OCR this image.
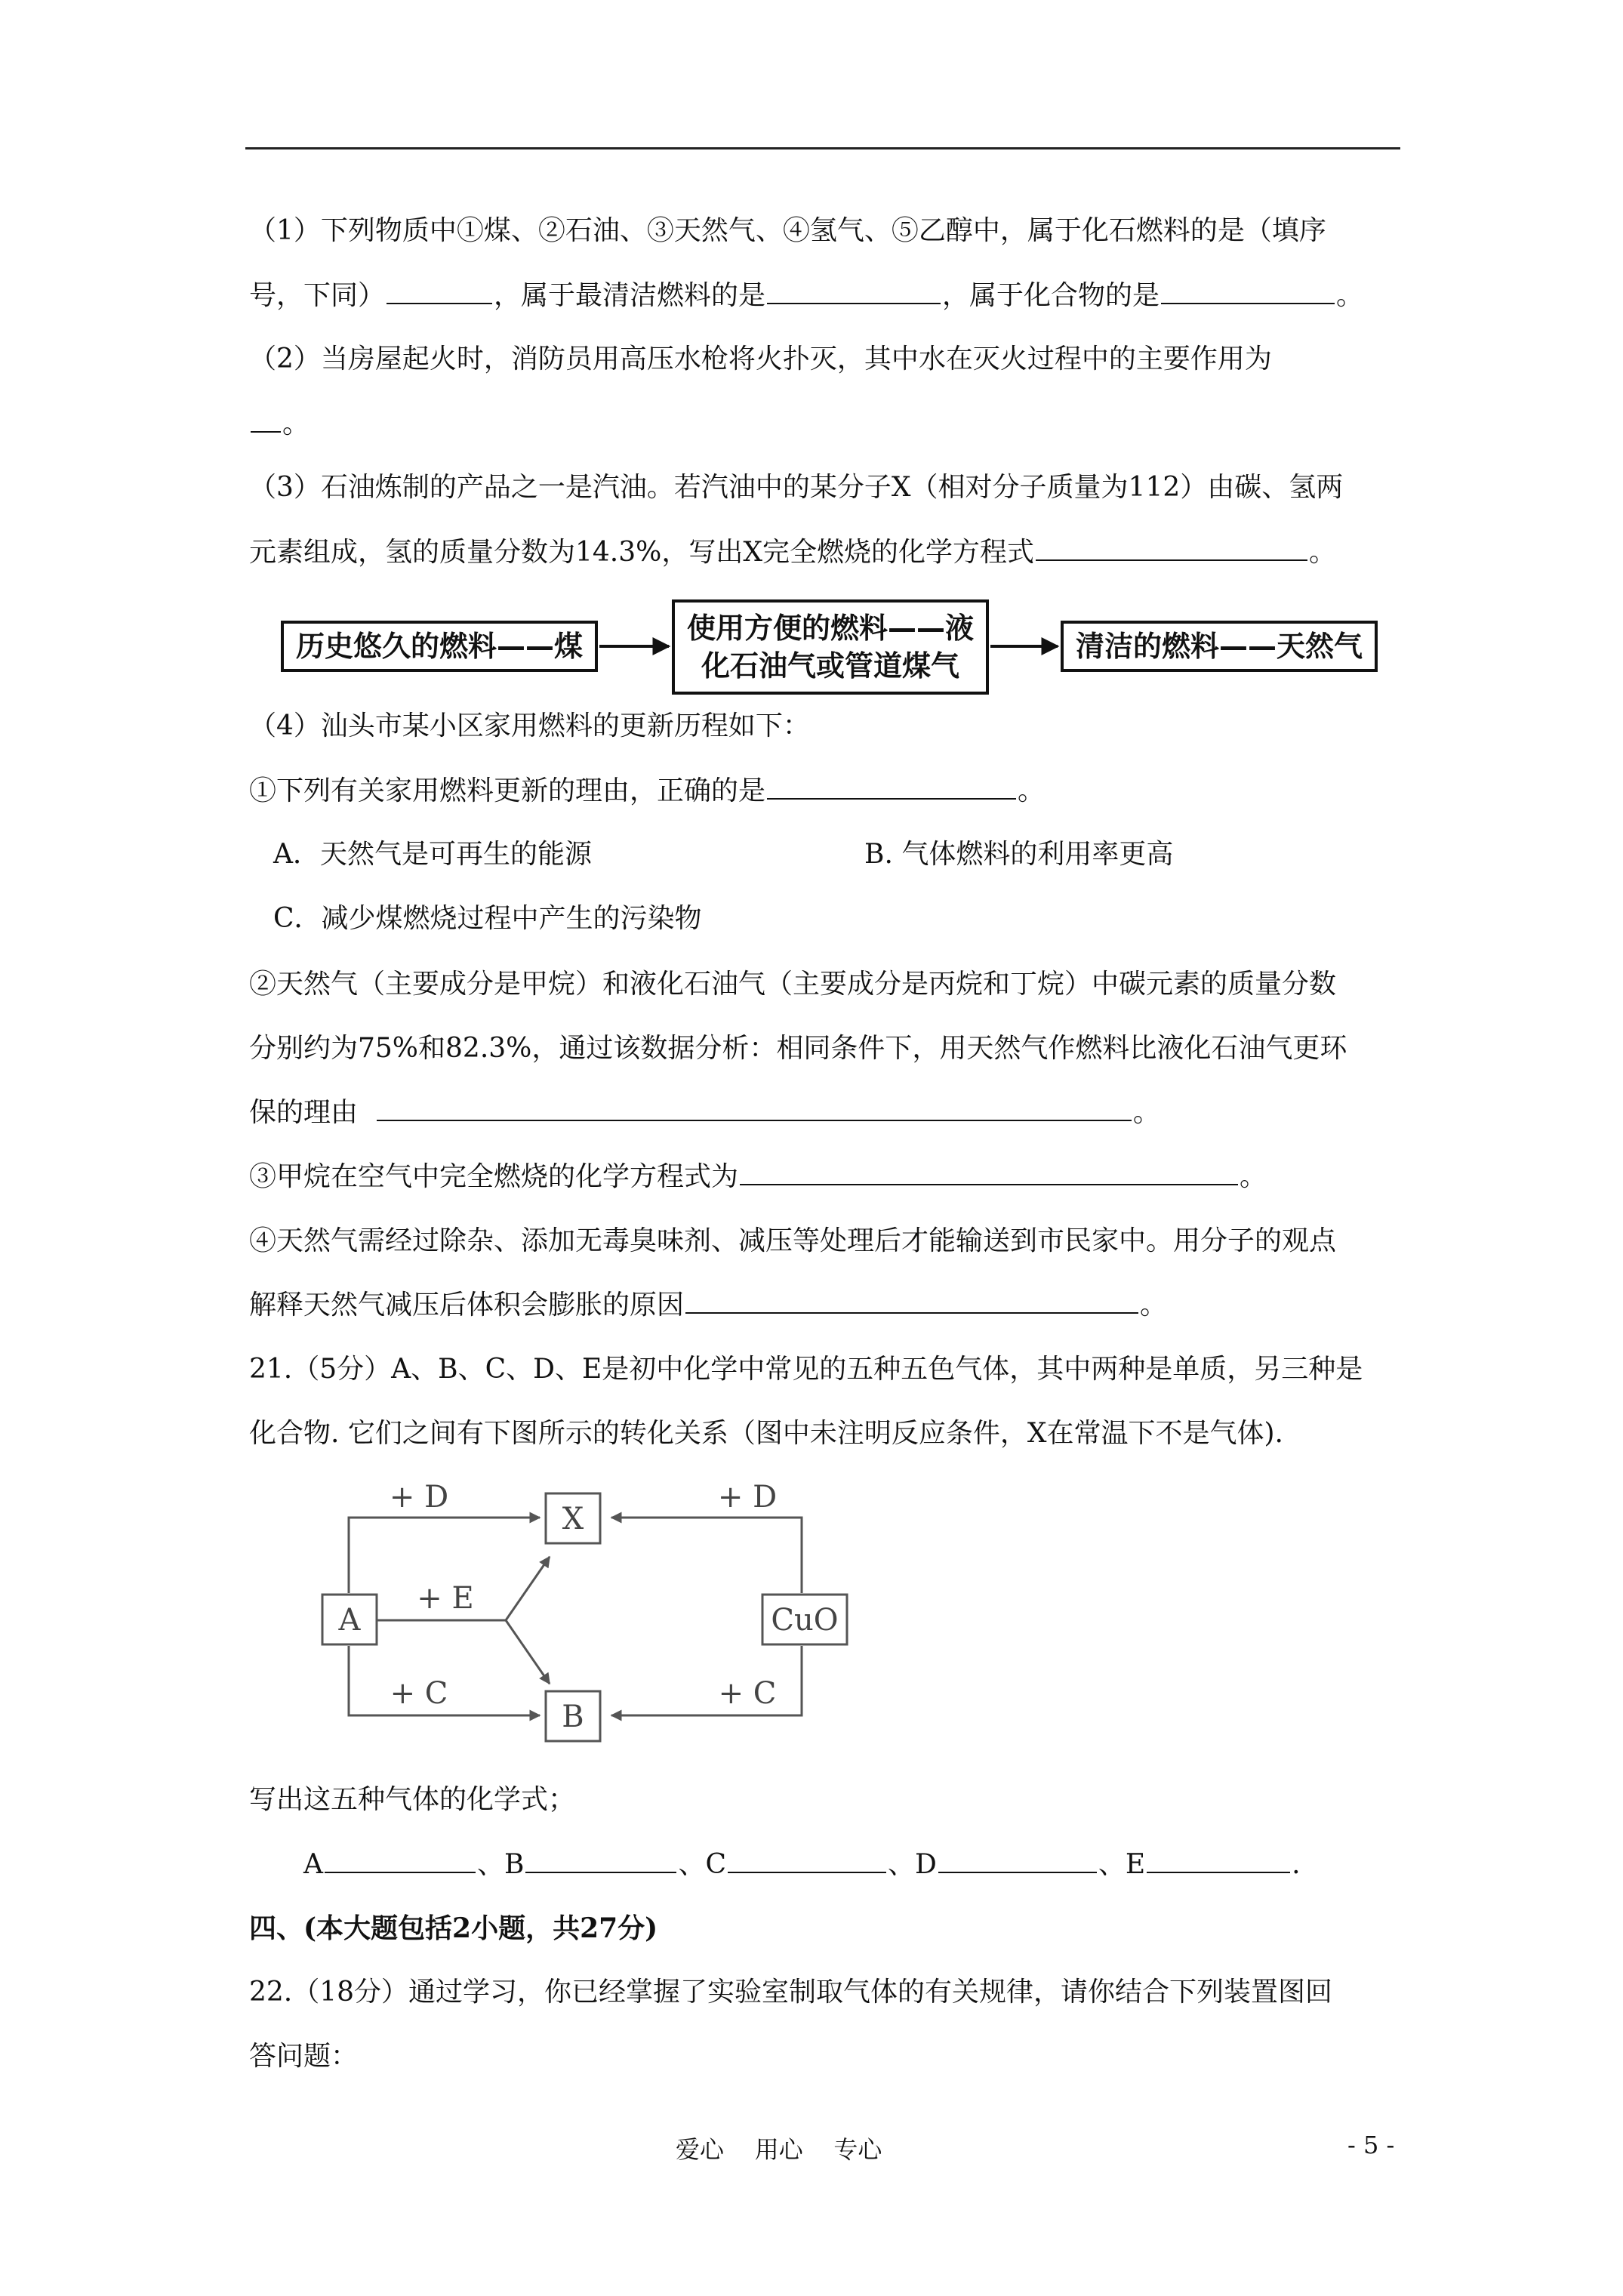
（1）下列物质中①煤、②石油、③天然气、④氢气、⑤乙醇中，属于化石燃料的是（填序
号，下同）	，属于最清洁燃料的是	，属于化合物的是	。
（2）当房屋起火时，消防员用高压水枪将火扑灭，其中水在灭火过程中的主要作用为
。
（3）石油炼制的产品之一是汽油。若汽油中的某分子X（相对分子质量为112）由碳、氢两
元素组成，氢的质量分数为14.3%，写出X完全燃烧的化学方程式	。
历史悠久的燃料——煤
使用方便的燃料——液
化石油气或管道煤气
清洁的燃料——天然气
（4）汕头市某小区家用燃料的更新历程如下：
①下列有关家用燃料更新的理由，正确的是	。
A．天然气是可再生的能源	B. 气体燃料的利用率更高
C．减少煤燃烧过程中产生的污染物
②天然气（主要成分是甲烷）和液化石油气（主要成分是丙烷和丁烷）中碳元素的质量分数
分别约为75%和82.3%，通过该数据分析：相同条件下，用天然气作燃料比液化石油气更环
保的理由	。
③甲烷在空气中完全燃烧的化学方程式为	。
④天然气需经过除杂、添加无毒臭味剂、减压等处理后才能输送到市民家中。用分子的观点
解释天然气减压后体积会膨胀的原因	。
21.（5分）A、B、C、D、E是初中化学中常见的五种五色气体，其中两种是单质，另三种是
化合物. 它们之间有下图所示的转化关系（图中未注明反应条件，X在常温下不是气体).
A
X
B
CuO
+ D
+ E
+ C
+ D
+ C
写出这五种气体的化学式；
A	、B	、C	、D	、E	.
四、(本大题包括2小题，共27分)
22.（18分）通过学习，你已经掌握了实验室制取气体的有关规律，请你结合下列装置图回
答问题：
爱心    用心    专心	- 5 -
